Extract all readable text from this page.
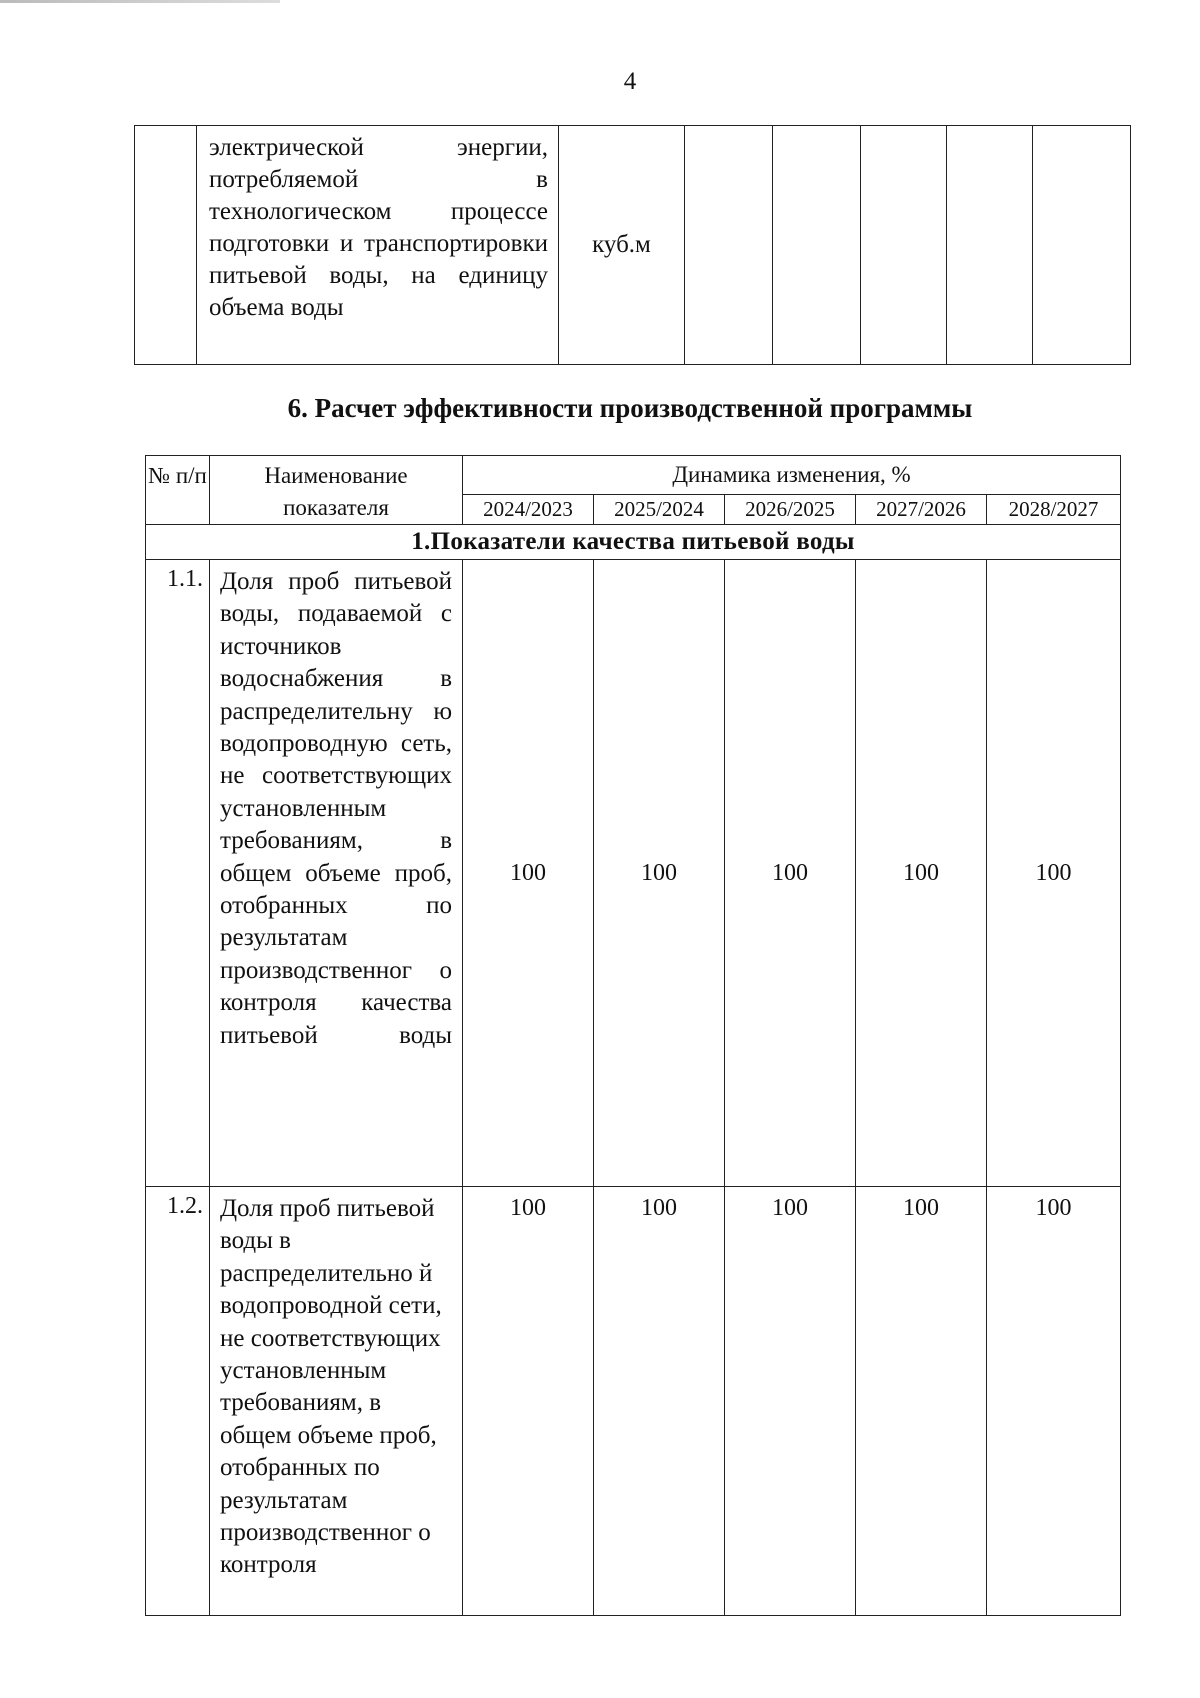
4
	электрической энергии, потребляемой в технологическом процессе подготовки и транспортировки питьевой воды, на единицу объема воды	куб.м					
6. Расчет эффективности производственной программы
№ п/п	Наименование показателя	Динамика изменения, %				
		2024/2023	2025/2024	2026/2025	2027/2026	2028/2027
1.Показатели качества питьевой воды						
1.1.	Доля проб питьевой воды, подаваемой с источников водоснабжения в распределительну ю водопроводную сеть, не соответствующих установленным требованиям, в общем объеме проб, отобранных по результатам производственног о контроля качества питьевой воды	100	100	100	100	100
1.2.	Доля проб питьевой воды в распределительно й водопроводной сети, не соответствующих установленным требованиям, в общем объеме проб, отобранных по результатам производственног о контроля	100	100	100	100	100
